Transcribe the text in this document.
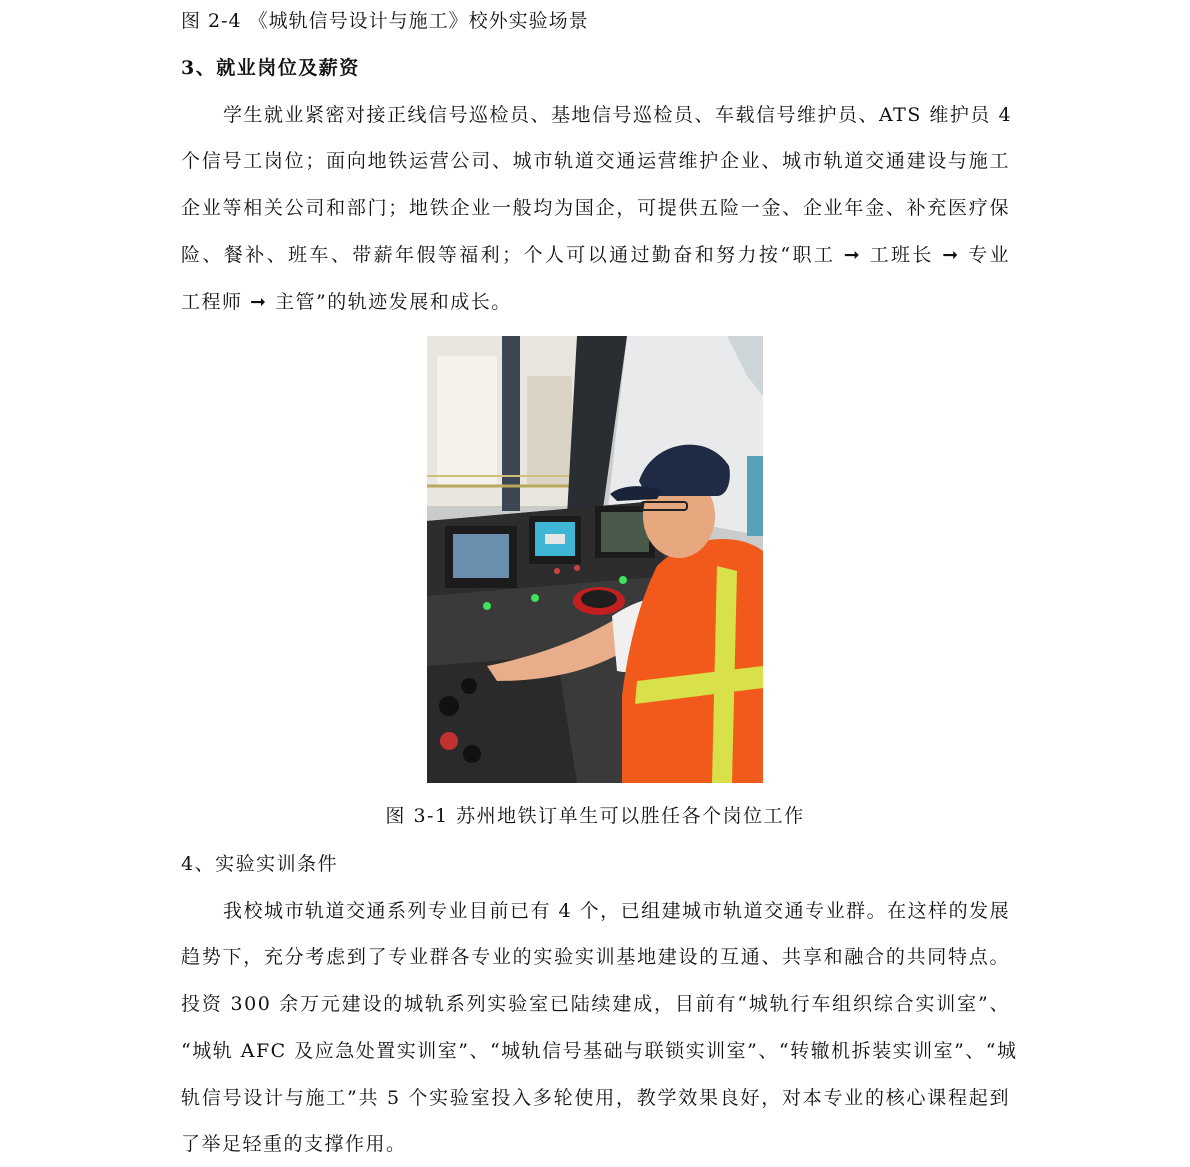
图 2-4 《城轨信号设计与施工》校外实验场景
3、就业岗位及薪资
学生就业紧密对接正线信号巡检员、基地信号巡检员、车载信号维护员、ATS 维护员 4
个信号工岗位；面向地铁运营公司、城市轨道交通运营维护企业、城市轨道交通建设与施工
企业等相关公司和部门；地铁企业一般均为国企，可提供五险一金、企业年金、补充医疗保
险、餐补、班车、带薪年假等福利；个人可以通过勤奋和努力按“职工 ➞ 工班长 ➞ 专业
工程师 ➞ 主管”的轨迹发展和成长。
图 3-1 苏州地铁订单生可以胜任各个岗位工作
4、实验实训条件
我校城市轨道交通系列专业目前已有 4 个，已组建城市轨道交通专业群。在这样的发展
趋势下，充分考虑到了专业群各专业的实验实训基地建设的互通、共享和融合的共同特点。
投资 300 余万元建设的城轨系列实验室已陆续建成，目前有“城轨行车组织综合实训室”、
“城轨 AFC 及应急处置实训室”、“城轨信号基础与联锁实训室”、“转辙机拆装实训室”、“城
轨信号设计与施工”共 5 个实验室投入多轮使用，教学效果良好，对本专业的核心课程起到
了举足轻重的支撑作用。
